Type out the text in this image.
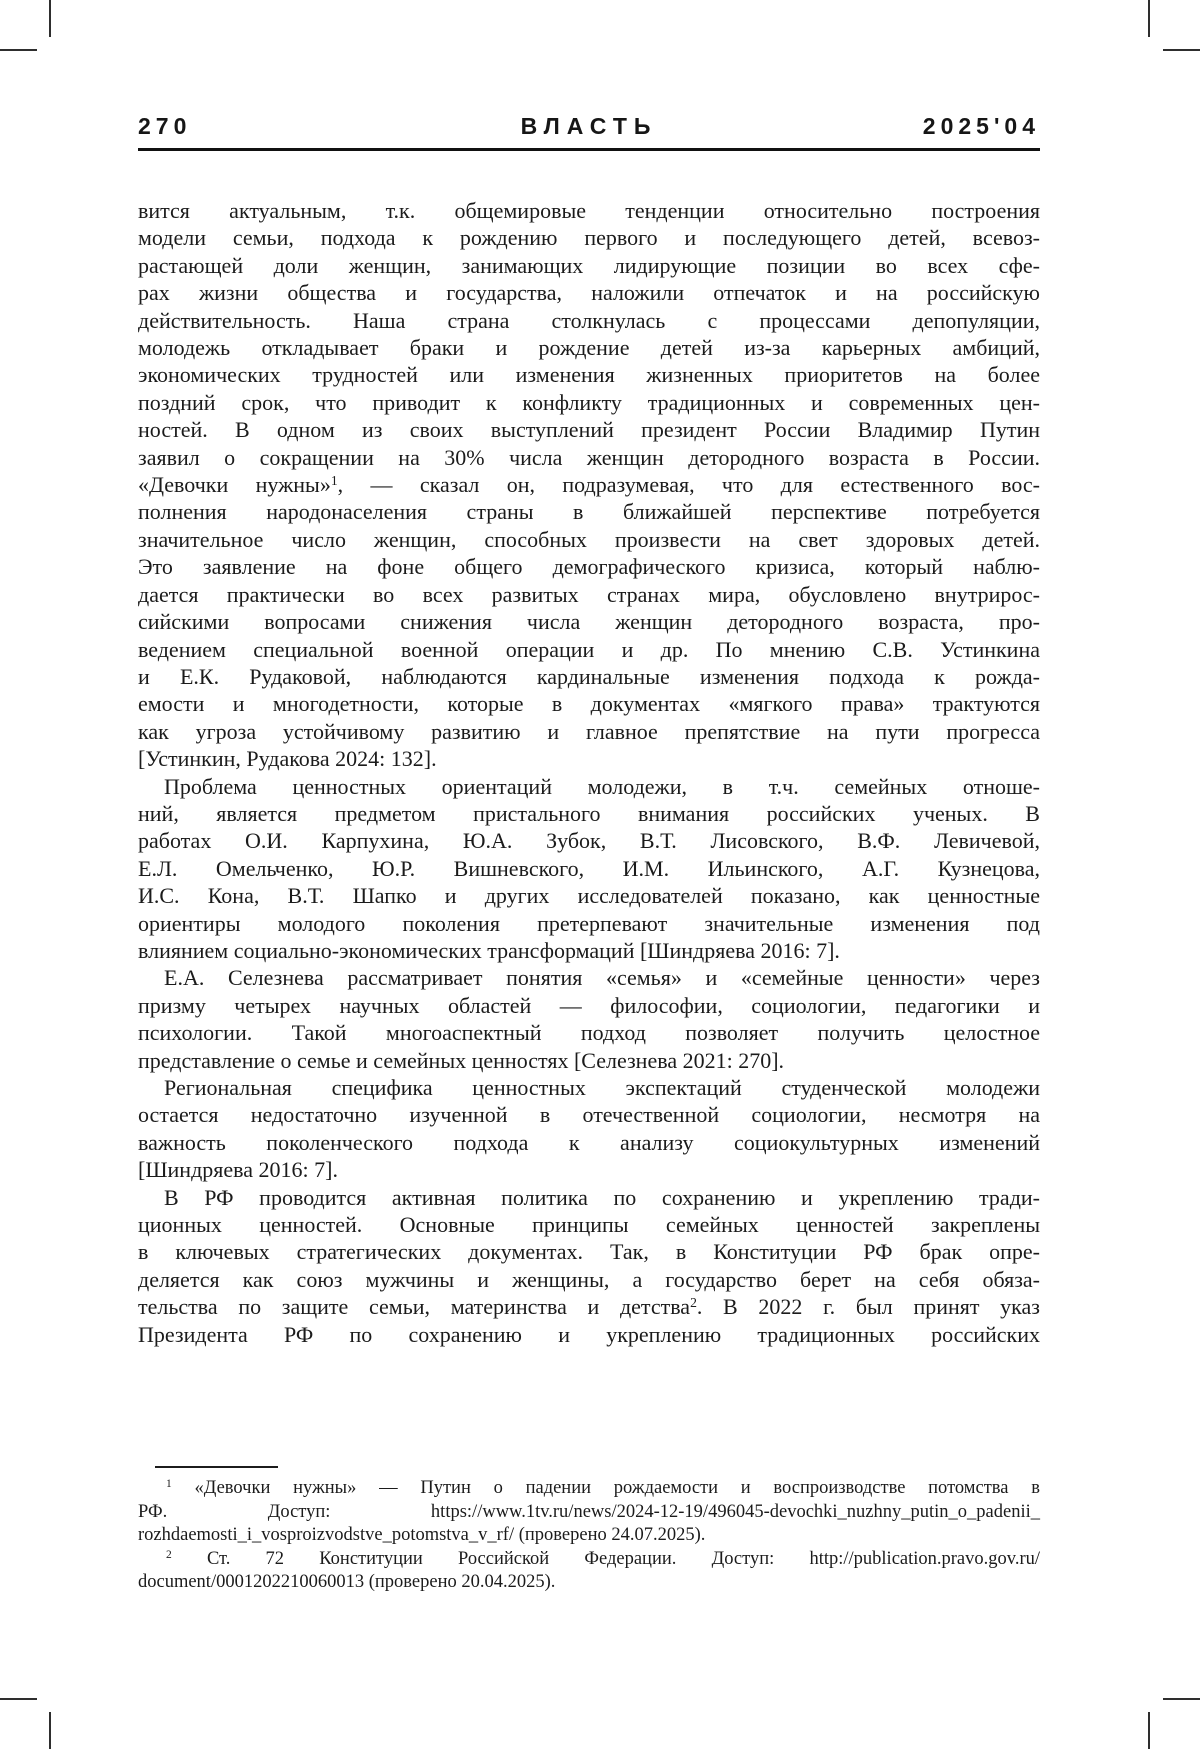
270	ВЛАСТЬ	2025'04
вится актуальным, т.к. общемировые тенденции относительно построения
модели семьи, подхода к рождению первого и последующего детей, всевоз-
растающей доли женщин, занимающих лидирующие позиции во всех сфе-
рах жизни общества и государства, наложили отпечаток и на российскую
действительность. Наша страна столкнулась с процессами депопуляции,
молодежь откладывает браки и рождение детей из-за карьерных амбиций,
экономических трудностей или изменения жизненных приоритетов на более
поздний срок, что приводит к конфликту традиционных и современных цен-
ностей. В одном из своих выступлений президент России Владимир Путин
заявил о сокращении на 30% числа женщин детородного возраста в России.
«Девочки нужны»$^1$, — сказал он, подразумевая, что для естественного вос-
полнения народонаселения страны в ближайшей перспективе потребуется
значительное число женщин, способных произвести на свет здоровых детей.
Это заявление на фоне общего демографического кризиса, который наблю-
дается практически во всех развитых странах мира, обусловлено внутрирос-
сийскими вопросами снижения числа женщин детородного возраста, про-
ведением специальной военной операции и др. По мнению С.В. Устинкина
и Е.К. Рудаковой, наблюдаются кардинальные изменения подхода к рожда-
емости и многодетности, которые в документах «мягкого права» трактуются
как угроза устойчивому развитию и главное препятствие на пути прогресса
[Устинкин, Рудакова 2024: 132].
Проблема ценностных ориентаций молодежи, в т.ч. семейных отноше-
ний, является предметом пристального внимания российских ученых. В
работах О.И. Карпухина, Ю.А. Зубок, В.Т. Лисовского, В.Ф. Левичевой,
Е.Л. Омельченко, Ю.Р. Вишневского, И.М. Ильинского, А.Г. Кузнецова,
И.С. Кона, В.Т. Шапко и других исследователей показано, как ценностные
ориентиры молодого поколения претерпевают значительные изменения под
влиянием социально-экономических трансформаций [Шиндряева 2016: 7].
Е.А. Селезнева рассматривает понятия «семья» и «семейные ценности» через
призму четырех научных областей — философии, социологии, педагогики и
психологии. Такой многоаспектный подход позволяет получить целостное
представление о семье и семейных ценностях [Селезнева 2021: 270].
Региональная специфика ценностных экспектаций студенческой молодежи
остается недостаточно изученной в отечественной социологии, несмотря на
важность поколенческого подхода к анализу социокультурных изменений
[Шиндряева 2016: 7].
В РФ проводится активная политика по сохранению и укреплению тради-
ционных ценностей. Основные принципы семейных ценностей закреплены
в ключевых стратегических документах. Так, в Конституции РФ брак опре-
деляется как союз мужчины и женщины, а государство берет на себя обяза-
тельства по защите семьи, материнства и детства$^2$. В 2022 г. был принят указ
Президента РФ по сохранению и укреплению традиционных российских
$^1$ «Девочки нужны» — Путин о падении рождаемости и воспроизводстве потомства в
РФ. Доступ: https://www.1tv.ru/news/2024-12-19/496045-devochki_nuzhny_putin_o_padenii_
rozhdaemosti_i_vosproizvodstve_potomstva_v_rf/ (проверено 24.07.2025).
$^2$ Ст. 72 Конституции Российской Федерации. Доступ: http://publication.pravo.gov.ru/
document/0001202210060013 (проверено 20.04.2025).
